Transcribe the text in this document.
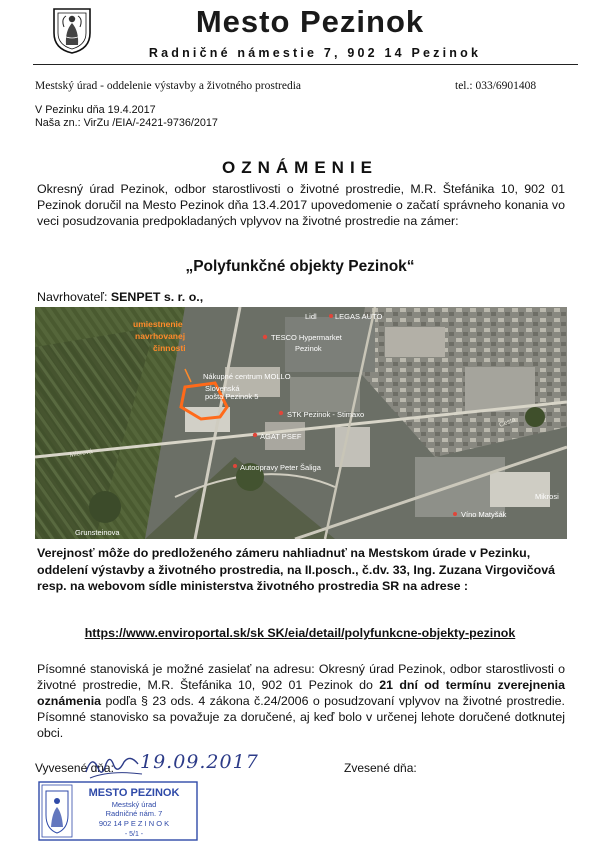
Mesto Pezinok
Radničné námestie 7, 902 14 Pezinok
Mestský úrad - oddelenie výstavby a životného prostredia	tel.: 033/6901408
V Pezinku dňa 19.4.2017
Naša zn.: VirZu /EIA/-2421-9736/2017
OZNÁMENIE
Okresný úrad Pezinok, odbor starostlivosti o životné prostredie, M.R. Štefánika 10, 902 01 Pezinok doručil na Mesto Pezinok dňa 13.4.2017 upovedomenie o začatí správneho konania vo veci posudzovania predpokladaných vplyvov na životné prostredie na zámer:
„Polyfunkčné objekty Pezinok“
Navrhovateľ: SENPET s. r. o.,
umiestnenie
navrhovanej
činnosti
Lidl LEGAS AUTO
TESCO Hypermarket
Pezinok
Nákupné centrum MOLLO
Slovenská
pošta Pezinok 5
STK Pezinok - Stimaxo
AGAT PSEF
Autoopravy Peter Šaliga
Mikrosi
Víno Matyšák
Grunsteinova
Mierová
Cesta
Verejnosť môže do predloženého zámeru nahliadnuť na Mestskom úrade v Pezinku, oddelení výstavby a životného prostredia, na II.posch., č.dv. 33, Ing. Zuzana Virgovičová resp. na webovom sídle ministerstva životného prostredia SR na adrese :
https://www.enviroportal.sk/sk SK/eia/detail/polyfunkcne-objekty-pezinok
Písomné stanoviská je možné zasielať na adresu: Okresný úrad Pezinok, odbor starostlivosti o životné prostredie, M.R. Štefánika 10, 902 01 Pezinok do 21 dní od termínu zverejnenia oznámenia podľa § 23 ods. 4 zákona č.24/2006 o posudzovaní vplyvov na životné prostredie. Písomné stanovisko sa považuje za doručené, aj keď bolo v určenej lehote doručené dotknutej obci.
Vyvesené dňa:	Zvesené dňa:
19.09.2017
MESTO PEZINOK
Mestský úrad
Radničné nám. 7
902 14 P E Z I N O K
- 5/1 -
